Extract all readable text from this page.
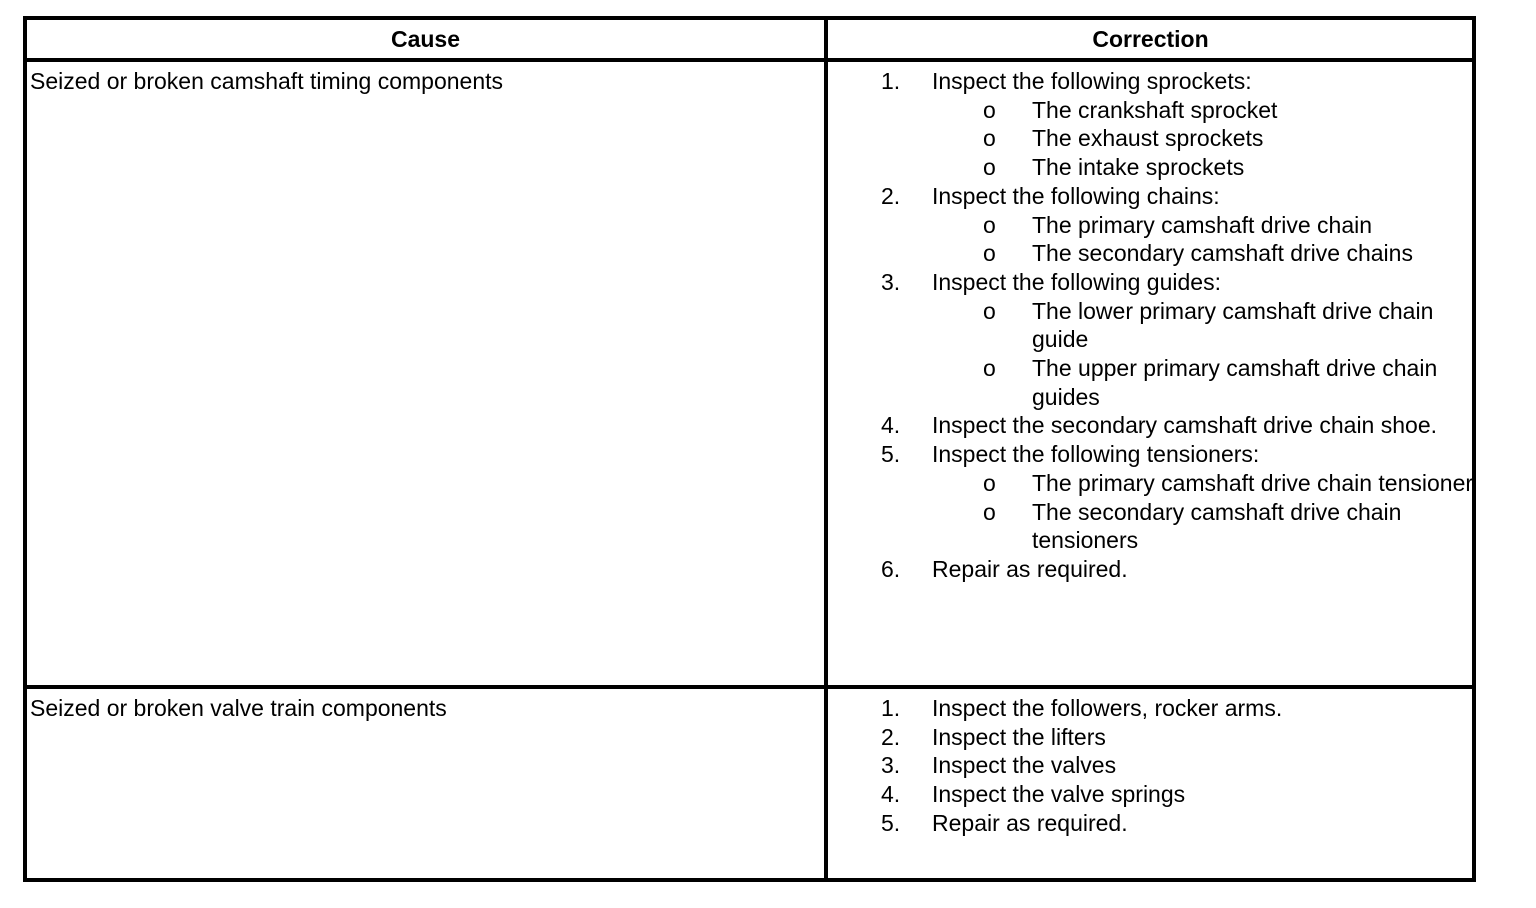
Cause	Correction
Seized or broken camshaft timing components	1. Inspect the following sprockets:
o The crankshaft sprocket
o The exhaust sprockets
o The intake sprockets
2. Inspect the following chains:
o The primary camshaft drive chain
o The secondary camshaft drive chains
3. Inspect the following guides:
o The lower primary camshaft drive chain guide
o The upper primary camshaft drive chain guides
4. Inspect the secondary camshaft drive chain shoe.
5. Inspect the following tensioners:
o The primary camshaft drive chain tensioner
o The secondary camshaft drive chain tensioners
6. Repair as required.
Seized or broken valve train components	1. Inspect the followers, rocker arms.
2. Inspect the lifters
3. Inspect the valves
4. Inspect the valve springs
5. Repair as required.
